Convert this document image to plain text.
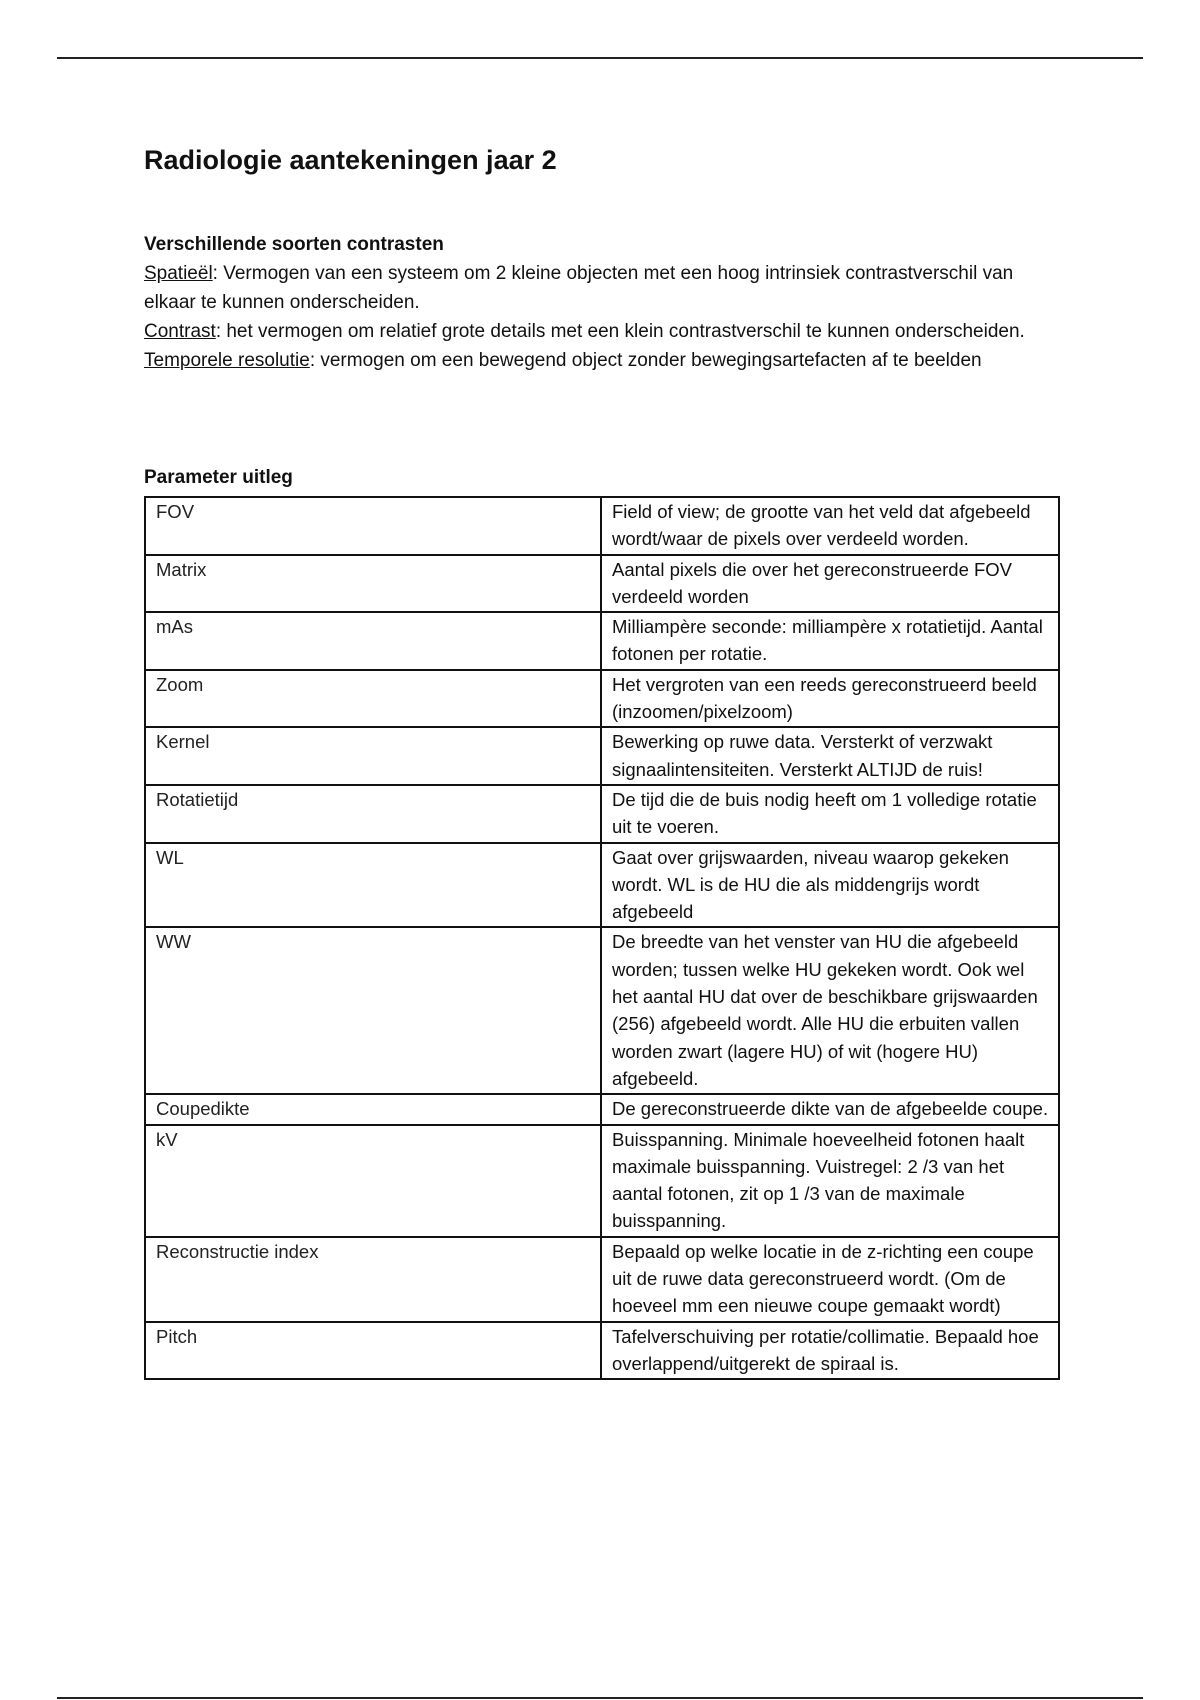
Radiologie aantekeningen jaar 2

Verschillende soorten contrasten

Spatieël: Vermogen van een systeem om 2 kleine objecten met een hoog intrinsiek contrastverschil van elkaar te kunnen onderscheiden.

Contrast: het vermogen om relatief grote details met een klein contrastverschil te kunnen onderscheiden.

Temporele resolutie: vermogen om een bewegend object zonder bewegingsartefacten af te beelden

Parameter uitleg

FOV	Field of view; de grootte van het veld dat afgebeeld wordt/waar de pixels over verdeeld worden.
Matrix	Aantal pixels die over het gereconstrueerde FOV verdeeld worden
mAs	Milliampère seconde: milliampère x rotatietijd. Aantal fotonen per rotatie.
Zoom	Het vergroten van een reeds gereconstrueerd beeld (inzoomen/pixelzoom)
Kernel	Bewerking op ruwe data. Versterkt of verzwakt signaalintensiteiten. Versterkt ALTIJD de ruis!
Rotatietijd	De tijd die de buis nodig heeft om 1 volledige rotatie uit te voeren.
WL	Gaat over grijswaarden, niveau waarop gekeken wordt. WL is de HU die als middengrijs wordt afgebeeld
WW	De breedte van het venster van HU die afgebeeld worden; tussen welke HU gekeken wordt. Ook wel het aantal HU dat over de beschikbare grijswaarden (256) afgebeeld wordt. Alle HU die erbuiten vallen worden zwart (lagere HU) of wit (hogere HU) afgebeeld.
Coupedikte	De gereconstrueerde dikte van de afgebeelde coupe.
kV	Buisspanning. Minimale hoeveelheid fotonen haalt maximale buisspanning. Vuistregel: 2 /3 van het aantal fotonen, zit op 1 /3 van de maximale buisspanning.
Reconstructie index	Bepaald op welke locatie in de z-richting een coupe uit de ruwe data gereconstrueerd wordt. (Om de hoeveel mm een nieuwe coupe gemaakt wordt)
Pitch	Tafelverschuiving per rotatie/collimatie. Bepaald hoe overlappend/uitgerekt de spiraal is.
